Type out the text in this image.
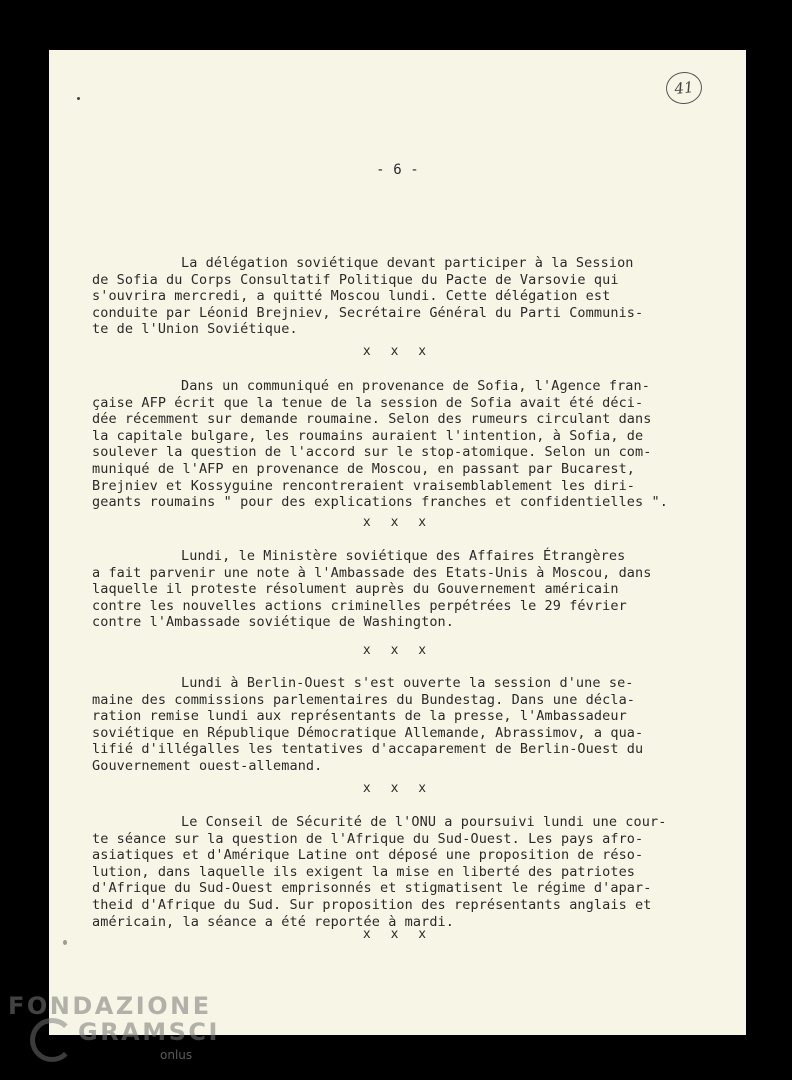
41
- 6 -
La délégation soviétique devant participer à la Session
de Sofia du Corps Consultatif Politique du Pacte de Varsovie qui
s'ouvrira mercredi, a quitté Moscou lundi. Cette délégation est
conduite par Léonid Brejniev, Secrétaire Général du Parti Communis-
te de l'Union Soviétique.
x x x
Dans un communiqué en provenance de Sofia, l'Agence fran-
çaise AFP écrit que la tenue de la session de Sofia avait été déci-
dée récemment sur demande roumaine. Selon des rumeurs circulant dans
la capitale bulgare, les roumains auraient l'intention, à Sofia, de
soulever la question de l'accord sur le stop-atomique. Selon un com-
muniqué de l'AFP en provenance de Moscou, en passant par Bucarest,
Brejniev et Kossyguine rencontreraient vraisemblablement les diri-
geants roumains " pour des explications franches et confidentielles ".
x x x
Lundi, le Ministère soviétique des Affaires Étrangères
a fait parvenir une note à l'Ambassade des Etats-Unis à Moscou, dans
laquelle il proteste résolument auprès du Gouvernement américain
contre les nouvelles actions criminelles perpétrées le 29 février
contre l'Ambassade soviétique de Washington.
x x x
Lundi à Berlin-Ouest s'est ouverte la session d'une se-
maine des commissions parlementaires du Bundestag. Dans une décla-
ration remise lundi aux représentants de la presse, l'Ambassadeur
soviétique en République Démocratique Allemande, Abrassimov, a qua-
lifié d'illégalles les tentatives d'accaparement de Berlin-Ouest du
Gouvernement ouest-allemand.
x x x
Le Conseil de Sécurité de l'ONU a poursuivi lundi une cour-
te séance sur la question de l'Afrique du Sud-Ouest. Les pays afro-
asiatiques et d'Amérique Latine ont déposé une proposition de réso-
lution, dans laquelle ils exigent la mise en liberté des patriotes
d'Afrique du Sud-Ouest emprisonnés et stigmatisent le régime d'apar-
theid d'Afrique du Sud. Sur proposition des représentants anglais et
américain, la séance a été reportée à mardi.
x x x
FONDAZIONE
GRAMSCI
onlus
